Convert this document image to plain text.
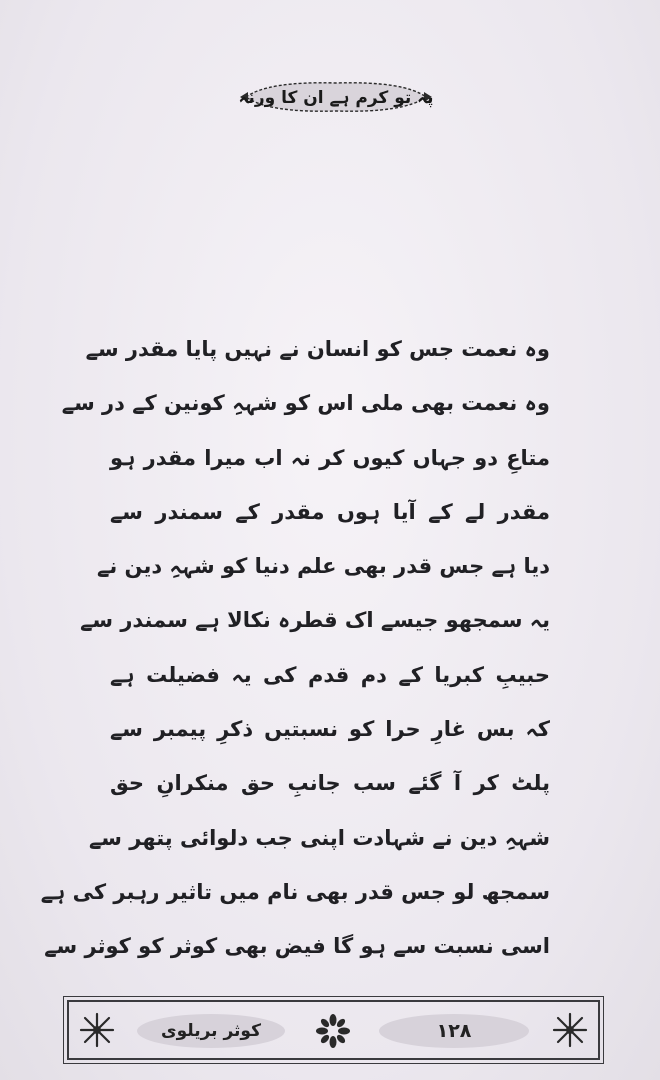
پہ تو کرم ہے ان کا ورنہ
وہ نعمت جس کو انسان نے نہیں پایا مقدر سے
وہ نعمت بھی ملی اس کو شہہِ کونین کے در سے
متاعِ دو جہاں کیوں کر نہ اب میرا مقدر ہو
مقدر لے کے آیا ہوں مقدر کے سمندر سے
دیا ہے جس قدر بھی علم دنیا کو شہہِ دین نے
یہ سمجھو جیسے اک قطرہ نکالا ہے سمندر سے
حبیبِ کبریا کے دم قدم کی یہ فضیلت ہے
کہ بس غارِ حرا کو نسبتیں ذکرِ پیمبر سے
پلٹ کر آ گئے سب جانبِ حق منکرانِ حق
شہہِ دین نے شہادت اپنی جب دلوائی پتھر سے
سمجھ لو جس قدر بھی نام میں تاثیر رہبر کی ہے
اسی نسبت سے ہو گا فیض بھی کوثر کو کوثر سے
کوثر بریلوی	۱۲۸
